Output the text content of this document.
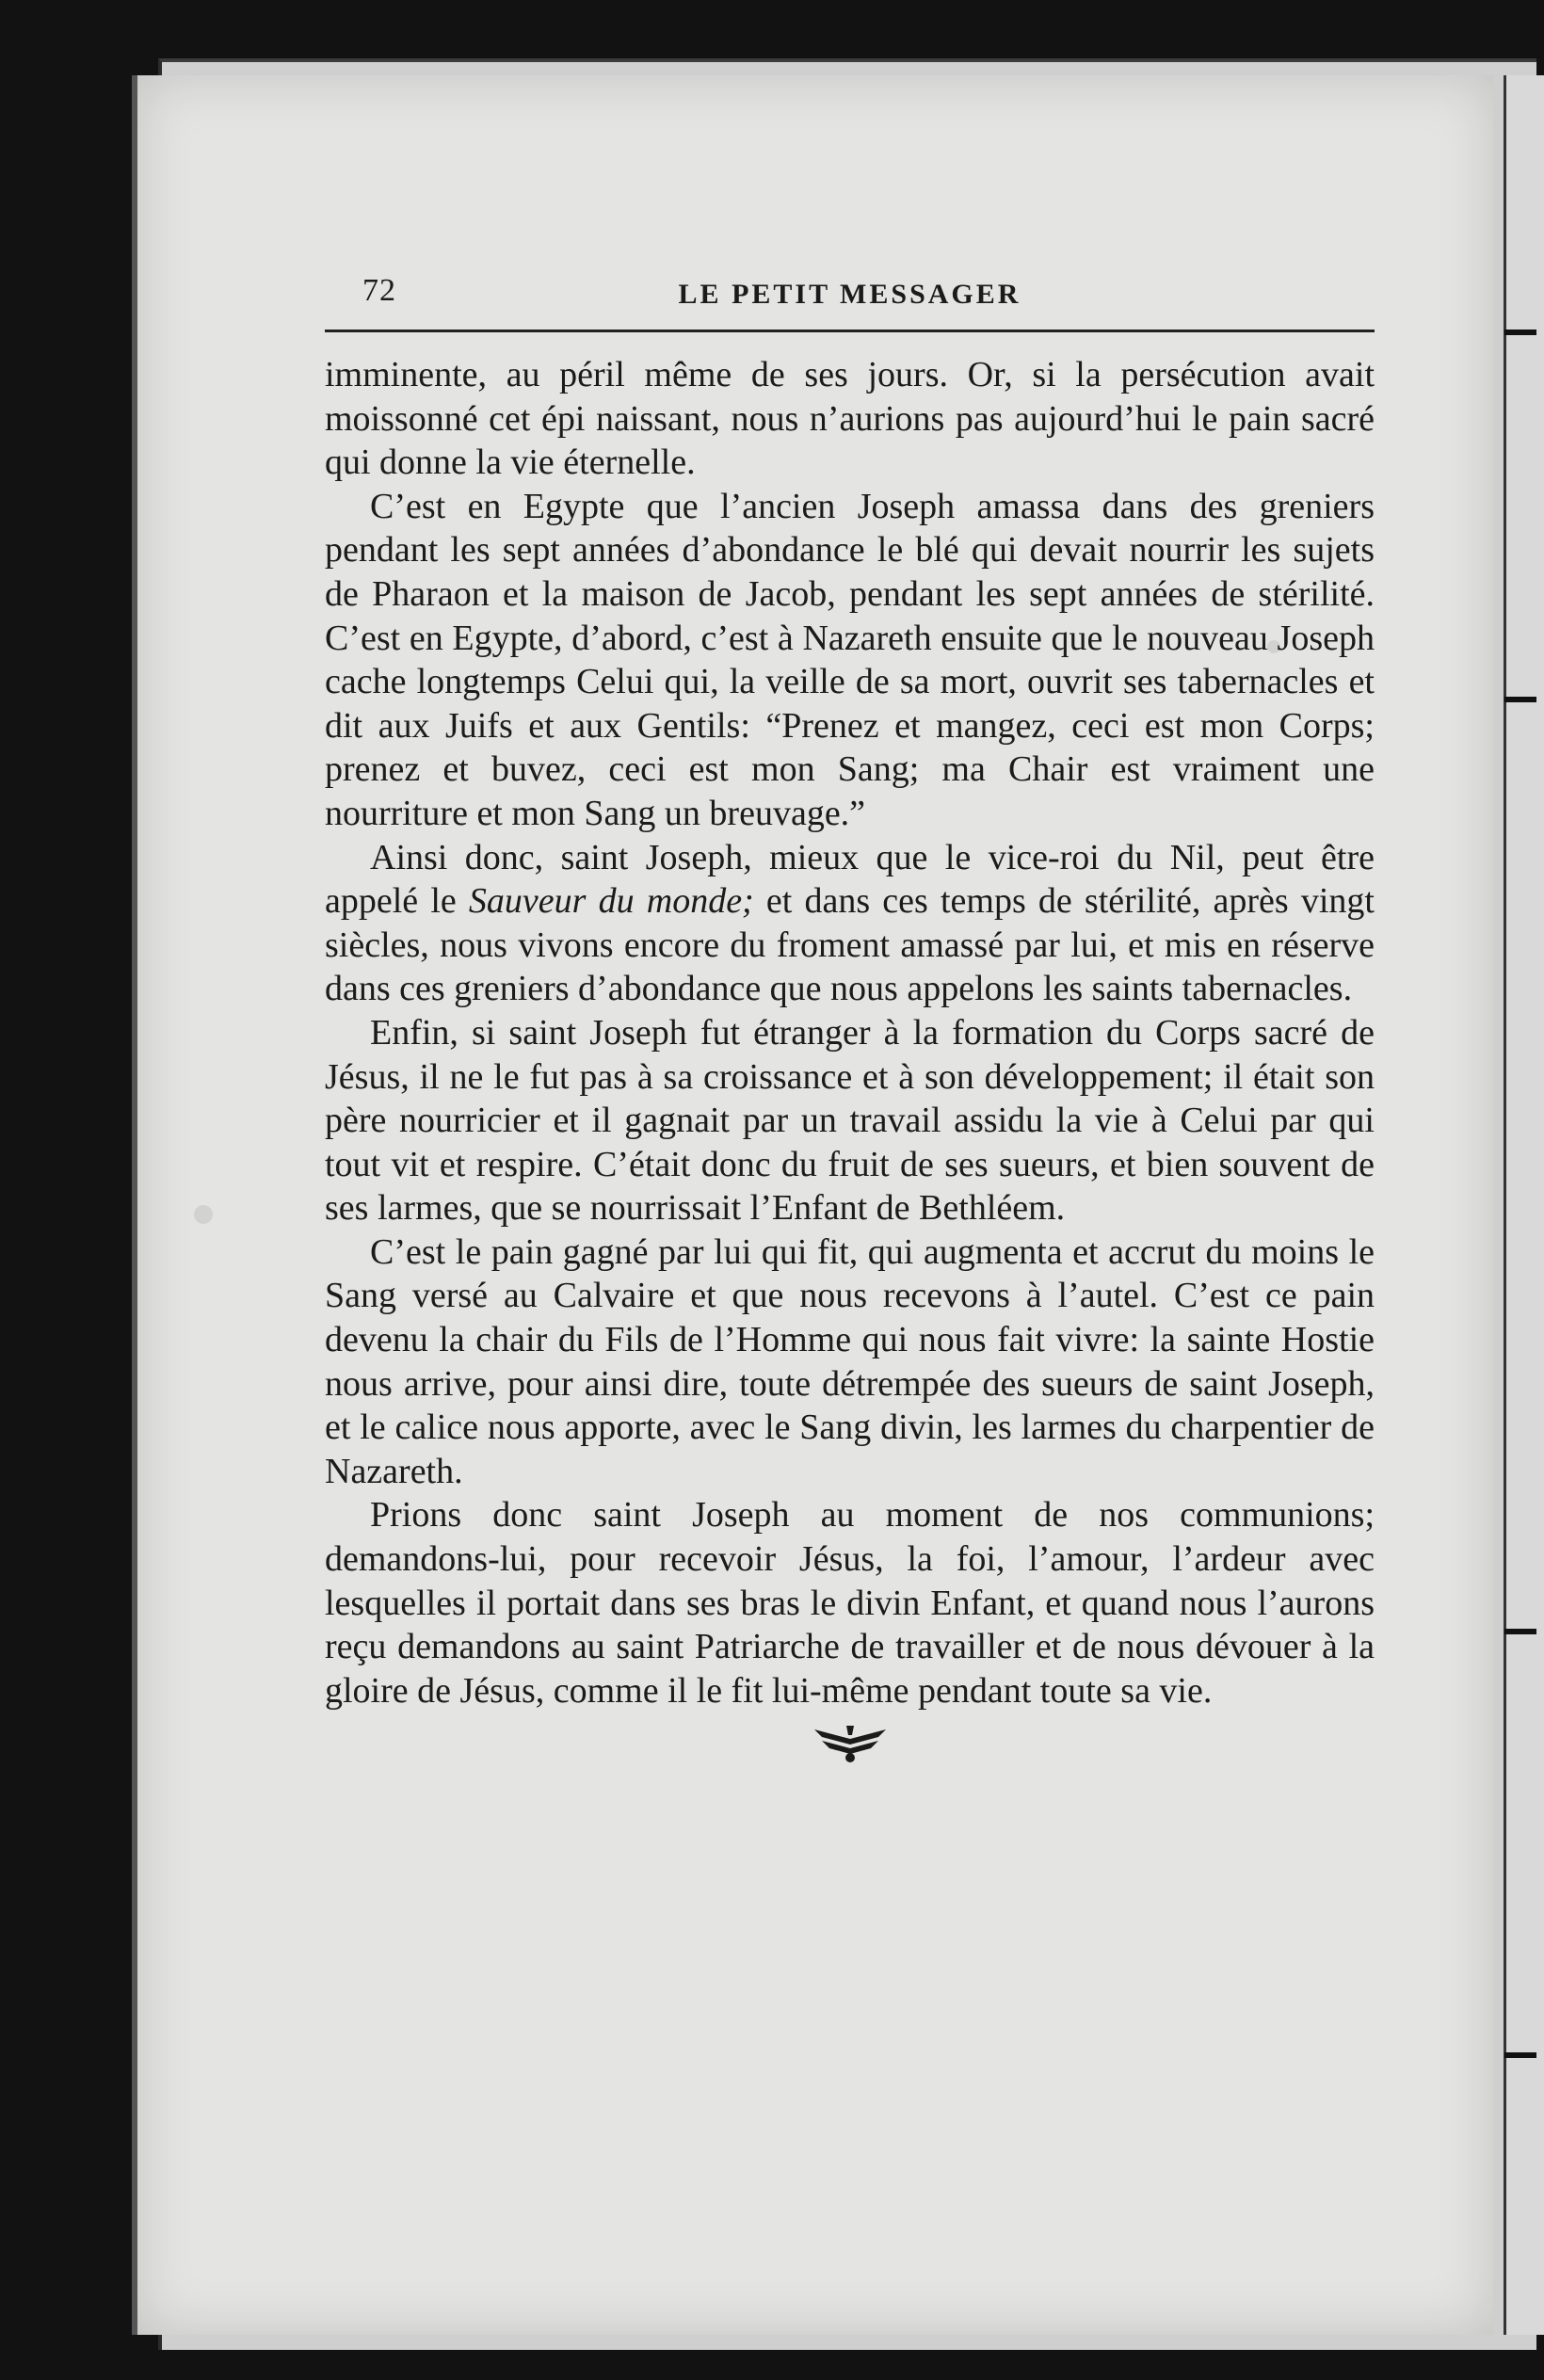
72	LE PETIT MESSAGER

imminente, au péril même de ses jours. Or, si la persécution avait moissonné cet épi naissant, nous n’aurions pas aujourd’hui le pain sacré qui donne la vie éternelle.

C’est en Egypte que l’ancien Joseph amassa dans des greniers pendant les sept années d’abondance le blé qui devait nourrir les sujets de Pharaon et la maison de Jacob, pendant les sept années de stérilité. C’est en Egypte, d’abord, c’est à Nazareth ensuite que le nouveau Joseph cache longtemps Celui qui, la veille de sa mort, ouvrit ses tabernacles et dit aux Juifs et aux Gentils: “Prenez et mangez, ceci est mon Corps; prenez et buvez, ceci est mon Sang; ma Chair est vraiment une nourriture et mon Sang un breuvage.”

Ainsi donc, saint Joseph, mieux que le vice-roi du Nil, peut être appelé le Sauveur du monde; et dans ces temps de stérilité, après vingt siècles, nous vivons encore du froment amassé par lui, et mis en réserve dans ces greniers d’abondance que nous appelons les saints tabernacles.

Enfin, si saint Joseph fut étranger à la formation du Corps sacré de Jésus, il ne le fut pas à sa croissance et à son développement; il était son père nourricier et il gagnait par un travail assidu la vie à Celui par qui tout vit et respire. C’était donc du fruit de ses sueurs, et bien souvent de ses larmes, que se nourrissait l’Enfant de Bethléem.

C’est le pain gagné par lui qui fit, qui augmenta et accrut du moins le Sang versé au Calvaire et que nous recevons à l’autel. C’est ce pain devenu la chair du Fils de l’Homme qui nous fait vivre: la sainte Hostie nous arrive, pour ainsi dire, toute détrempée des sueurs de saint Joseph, et le calice nous apporte, avec le Sang divin, les larmes du charpentier de Nazareth.

Prions donc saint Joseph au moment de nos communions; demandons-lui, pour recevoir Jésus, la foi, l’amour, l’ardeur avec lesquelles il portait dans ses bras le divin Enfant, et quand nous l’aurons reçu demandons au saint Patriarche de travailler et de nous dévouer à la gloire de Jésus, comme il le fit lui-même pendant toute sa vie.
